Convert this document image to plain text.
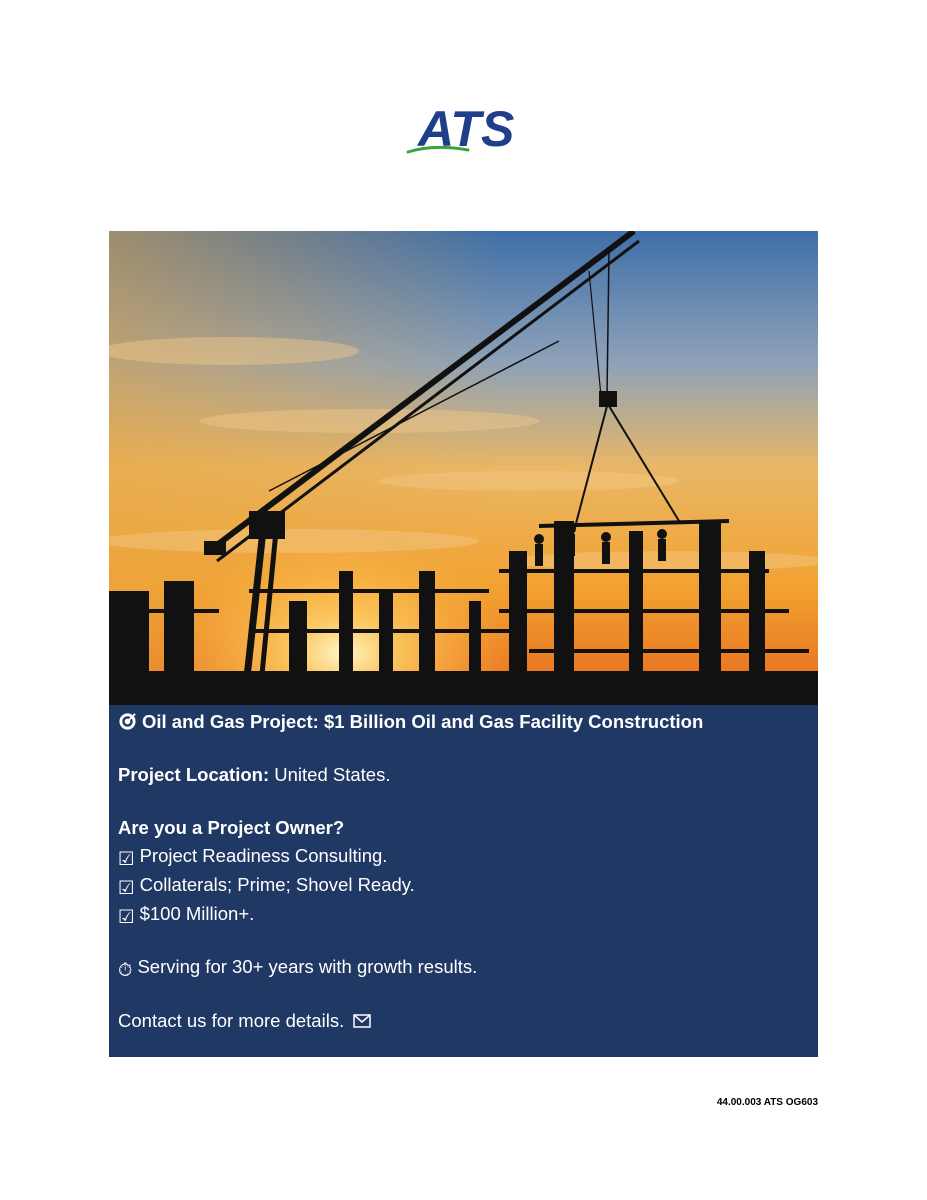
ATS
Oil and Gas Project: $1 Billion Oil and Gas Facility Construction
Project Location: United States.
Are you a Project Owner?
☑ Project Readiness Consulting.
☑ Collaterals; Prime; Shovel Ready.
☑ $100 Million+.
⏱ Serving for 30+ years with growth results.
Contact us for more details.
44.00.003 ATS OG603
